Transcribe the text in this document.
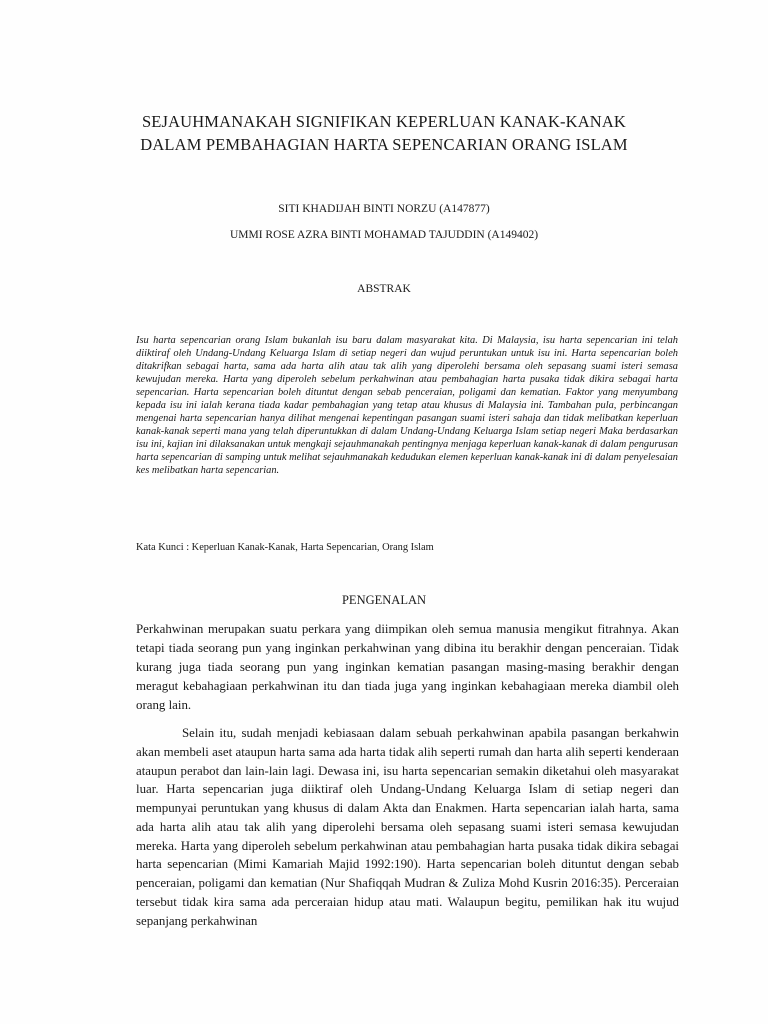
SEJAUHMANAKAH SIGNIFIKAN KEPERLUAN KANAK-KANAK
DALAM PEMBAHAGIAN HARTA SEPENCARIAN ORANG ISLAM
SITI KHADIJAH BINTI NORZU (A147877)
UMMI ROSE AZRA BINTI MOHAMAD TAJUDDIN (A149402)
ABSTRAK
Isu harta sepencarian orang Islam bukanlah isu baru dalam masyarakat kita. Di Malaysia, isu harta sepencarian ini telah diiktiraf oleh Undang-Undang Keluarga Islam di setiap negeri dan wujud peruntukan untuk isu ini. Harta sepencarian boleh ditakrifkan sebagai harta, sama ada harta alih atau tak alih yang diperolehi bersama oleh sepasang suami isteri semasa kewujudan mereka. Harta yang diperoleh sebelum perkahwinan atau pembahagian harta pusaka tidak dikira sebagai harta sepencarian. Harta sepencarian boleh dituntut dengan sebab penceraian, poligami dan kematian. Faktor yang menyumbang kepada isu ini ialah kerana tiada kadar pembahagian yang tetap atau khusus di Malaysia ini. Tambahan pula, perbincangan mengenai harta sepencarian hanya dilihat mengenai kepentingan pasangan suami isteri sahaja dan tidak melibatkan keperluan kanak-kanak seperti mana yang telah diperuntukkan di dalam Undang-Undang Keluarga Islam setiap negeri Maka berdasarkan isu ini, kajian ini dilaksanakan untuk mengkaji sejauhmanakah pentingnya menjaga keperluan kanak-kanak di dalam pengurusan harta sepencarian di samping untuk melihat sejauhmanakah kedudukan elemen keperluan kanak-kanak ini di dalam penyelesaian kes melibatkan harta sepencarian.
Kata Kunci : Keperluan Kanak-Kanak, Harta Sepencarian, Orang Islam
PENGENALAN
Perkahwinan merupakan suatu perkara yang diimpikan oleh semua manusia mengikut fitrahnya. Akan tetapi tiada seorang pun yang inginkan perkahwinan yang dibina itu berakhir dengan penceraian. Tidak kurang juga tiada seorang pun yang inginkan kematian pasangan masing-masing berakhir dengan meragut kebahagiaan perkahwinan itu dan tiada juga yang inginkan kebahagiaan mereka diambil oleh orang lain.
Selain itu, sudah menjadi kebiasaan dalam sebuah perkahwinan apabila pasangan berkahwin akan membeli aset ataupun harta sama ada harta tidak alih seperti rumah dan harta alih seperti kenderaan ataupun perabot dan lain-lain lagi. Dewasa ini, isu harta sepencarian semakin diketahui oleh masyarakat luar. Harta sepencarian juga diiktiraf oleh Undang-Undang Keluarga Islam di setiap negeri dan mempunyai peruntukan yang khusus di dalam Akta dan Enakmen. Harta sepencarian ialah harta, sama ada harta alih atau tak alih yang diperolehi bersama oleh sepasang suami isteri semasa kewujudan mereka. Harta yang diperoleh sebelum perkahwinan atau pembahagian harta pusaka tidak dikira sebagai harta sepencarian (Mimi Kamariah Majid 1992:190). Harta sepencarian boleh dituntut dengan sebab penceraian, poligami dan kematian (Nur Shafiqqah Mudran & Zuliza Mohd Kusrin 2016:35). Perceraian tersebut tidak kira sama ada perceraian hidup atau mati. Walaupun begitu, pemilikan hak itu wujud sepanjang perkahwinan
